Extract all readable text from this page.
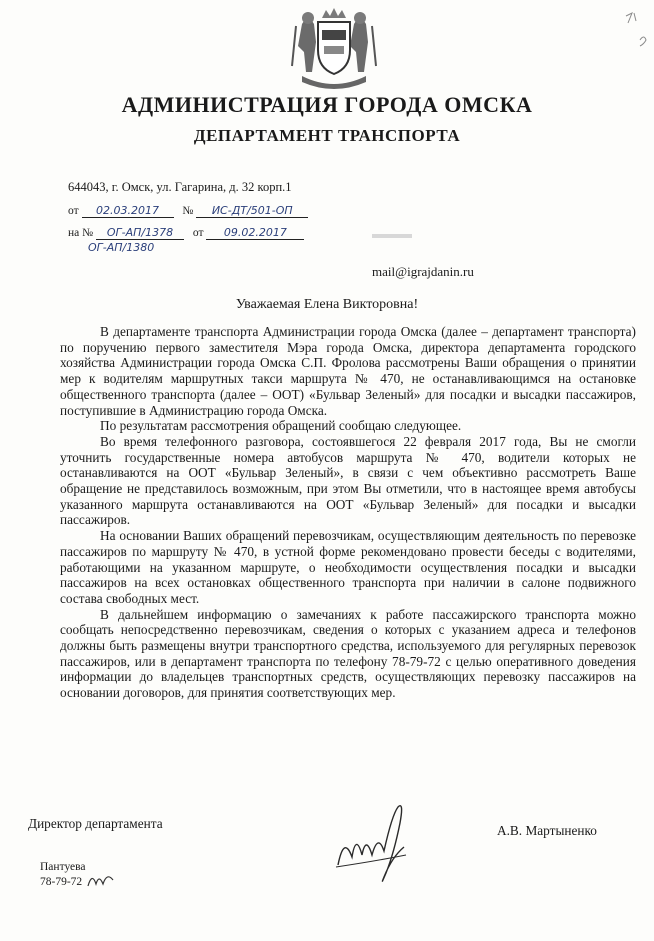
АДМИНИСТРАЦИЯ ГОРОДА ОМСКА
ДЕПАРТАМЕНТ ТРАНСПОРТА
644043, г. Омск, ул. Гагарина, д. 32 корп.1
от 02.03.2017 № ИС-ДТ/501-ОП
на № ОГ-АП/1378 от 09.02.2017
ОГ-АП/1380
mail@igrajdanin.ru
Уважаемая Елена Викторовна!

В департаменте транспорта Администрации города Омска (далее – департамент транспорта) по поручению первого заместителя Мэра города Омска, директора департамента городского хозяйства Администрации города Омска С.П. Фролова рассмотрены Ваши обращения о принятии мер к водителям маршрутных такси маршрута № 470, не останавливающимся на остановке общественного транспорта (далее – ООТ) «Бульвар Зеленый» для посадки и высадки пассажиров, поступившие в Администрацию города Омска.

По результатам рассмотрения обращений сообщаю следующее.

Во время телефонного разговора, состоявшегося 22 февраля 2017 года, Вы не смогли уточнить государственные номера автобусов маршрута № 470, водители которых не останавливаются на ООТ «Бульвар Зеленый», в связи с чем объективно рассмотреть Ваше обращение не представилось возможным, при этом Вы отметили, что в настоящее время автобусы указанного маршрута останавливаются на ООТ «Бульвар Зеленый» для посадки и высадки пассажиров.

На основании Ваших обращений перевозчикам, осуществляющим деятельность по перевозке пассажиров по маршруту № 470, в устной форме рекомендовано провести беседы с водителями, работающими на указанном маршруте, о необходимости осуществления посадки и высадки пассажиров на всех остановках общественного транспорта при наличии в салоне подвижного состава свободных мест.

В дальнейшем информацию о замечаниях к работе пассажирского транспорта можно сообщать непосредственно перевозчикам, сведения о которых с указанием адреса и телефонов должны быть размещены внутри транспортного средства, используемого для регулярных перевозок пассажиров, или в департамент транспорта по телефону 78-79-72 с целью оперативного доведения информации до владельцев транспортных средств, осуществляющих перевозку пассажиров на основании договоров, для принятия соответствующих мер.

Директор департамента	А.В. Мартыненко
Пантуева
78-79-72
